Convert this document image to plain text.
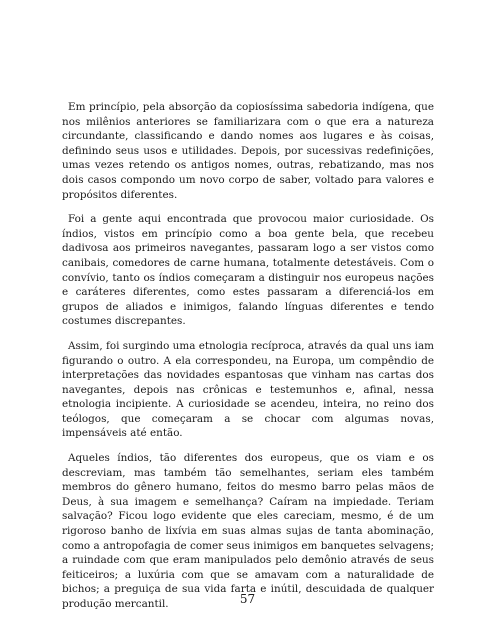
Em princípio, pela absorção da copiosíssima sabedoria indígena, que nos milênios anteriores se familiarizara com o que era a natureza circundante, classificando e dando nomes aos lugares e às coisas, definindo seus usos e utilidades. Depois, por sucessivas redefinições, umas vezes retendo os antigos nomes, outras, rebatizando, mas nos dois casos compondo um novo corpo de saber, voltado para valores e propósitos diferentes.

Foi a gente aqui encontrada que provocou maior curiosidade. Os índios, vistos em princípio como a boa gente bela, que recebeu dadivosa aos primeiros navegantes, passaram logo a ser vistos como canibais, comedores de carne humana, totalmente detestáveis. Com o convívio, tanto os índios começaram a distinguir nos europeus nações e caráteres diferentes, como estes passaram a diferenciá-los em grupos de aliados e inimigos, falando línguas diferentes e tendo costumes discrepantes.

Assim, foi surgindo uma etnologia recíproca, através da qual uns iam figurando o outro. A ela correspondeu, na Europa, um compêndio de interpretações das novidades espantosas que vinham nas cartas dos navegantes, depois nas crônicas e testemunhos e, afinal, nessa etnologia incipiente. A curiosidade se acendeu, inteira, no reino dos teólogos, que começaram a se chocar com algumas novas, impensáveis até então.

Aqueles índios, tão diferentes dos europeus, que os viam e os descreviam, mas também tão semelhantes, seriam eles também membros do gênero humano, feitos do mesmo barro pelas mãos de Deus, à sua imagem e semelhança? Caíram na impiedade. Teriam salvação? Ficou logo evidente que eles careciam, mesmo, é de um rigoroso banho de lixívia em suas almas sujas de tanta abominação, como a antropofagia de comer seus inimigos em banquetes selvagens; a ruindade com que eram manipulados pelo demônio através de seus feiticeiros; a luxúria com que se amavam com a naturalidade de bichos; a preguiça de sua vida farta e inútil, descuidada de qualquer produção mercantil.	57
